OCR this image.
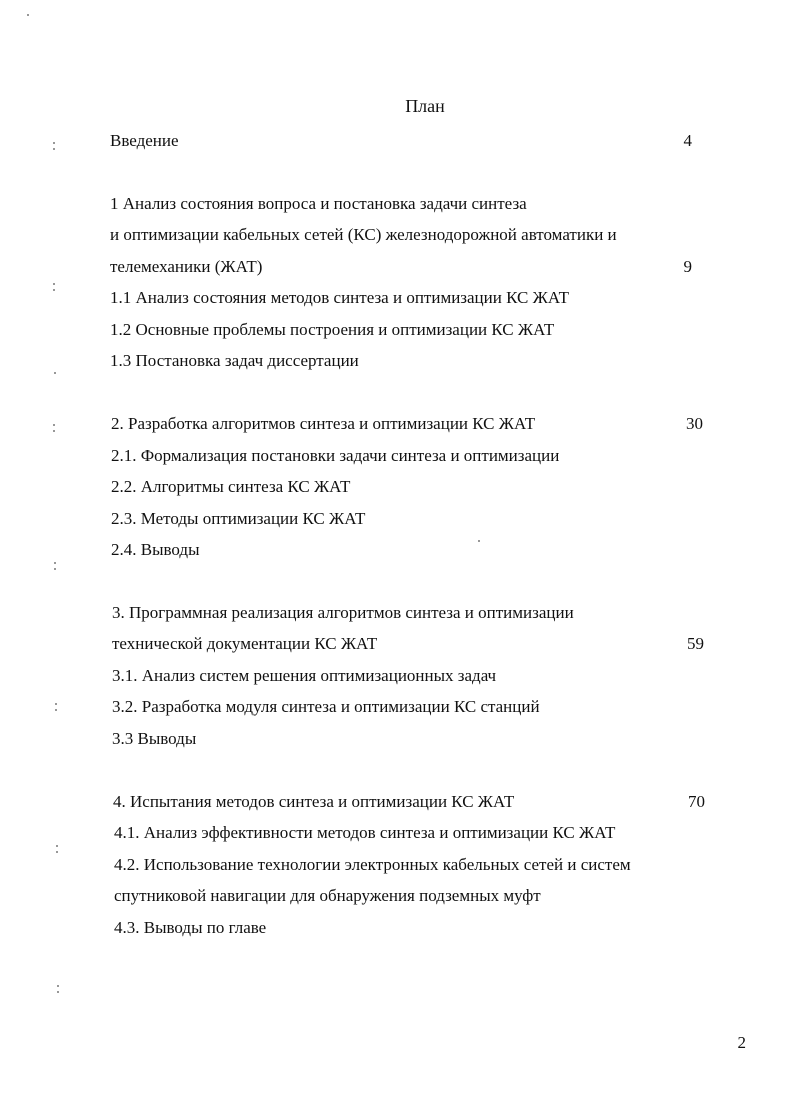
План
Введение	4
1 Анализ состояния вопроса и постановка задачи синтеза
и оптимизации кабельных сетей (КС) железнодорожной автоматики и
телемеханики (ЖАТ)	9
1.1 Анализ состояния методов синтеза и оптимизации КС ЖАТ
1.2 Основные проблемы построения и оптимизации КС ЖАТ
1.3 Постановка задач диссертации
2. Разработка алгоритмов синтеза и оптимизации КС ЖАТ	30
2.1. Формализация постановки задачи синтеза и оптимизации
2.2. Алгоритмы синтеза КС ЖАТ
2.3. Методы оптимизации КС ЖАТ
2.4. Выводы
3. Программная реализация алгоритмов синтеза и оптимизации
технической документации КС ЖАТ	59
3.1. Анализ систем решения оптимизационных задач
3.2. Разработка модуля синтеза и оптимизации КС станций
3.3 Выводы
4. Испытания методов синтеза и оптимизации КС ЖАТ	70
4.1. Анализ эффективности методов синтеза и оптимизации КС ЖАТ
4.2. Использование технологии электронных кабельных сетей и систем
спутниковой навигации для обнаружения подземных муфт
4.3. Выводы по главе
2
